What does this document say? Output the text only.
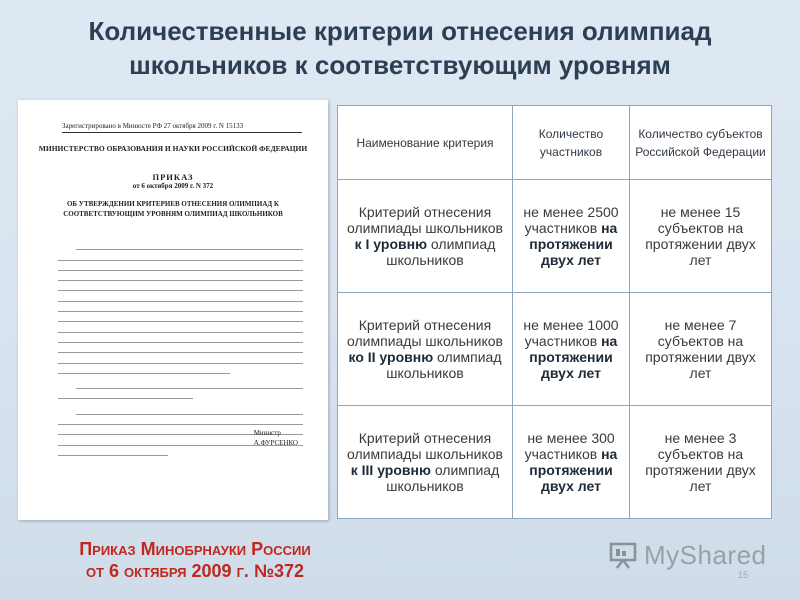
Количественные критерии отнесения олимпиад
школьников к соответствующим уровням
Зарегистрировано в Минюсте РФ 27 октября 2009 г. N 15133
МИНИСТЕРСТВО ОБРАЗОВАНИЯ И НАУКИ РОССИЙСКОЙ ФЕДЕРАЦИИ
ПРИКАЗ
от 6 октября 2009 г. N 372
ОБ УТВЕРЖДЕНИИ КРИТЕРИЕВ ОТНЕСЕНИЯ ОЛИМПИАД К СООТВЕТСТВУЮЩИМ УРОВНЯМ ОЛИМПИАД ШКОЛЬНИКОВ
Министр
А.ФУРСЕНКО
Наименование критерия	Количество участников	Количество субъектов Российской Федерации
Критерий отнесения олимпиады школьников к I уровню олимпиад школьников	не менее 2500 участников на протяжении двух лет	не менее 15 субъектов на протяжении двух лет
Критерий отнесения олимпиады школьников ко II уровню олимпиад школьников	не менее 1000 участников на протяжении двух лет	не менее 7 субъектов на протяжении двух лет
Критерий отнесения олимпиады школьников к III уровню олимпиад школьников	не менее 300 участников на протяжении двух лет	не менее 3 субъектов на протяжении двух лет
Приказ Минобрнауки России
от 6 октября 2009 г. №372
MyShared
15
